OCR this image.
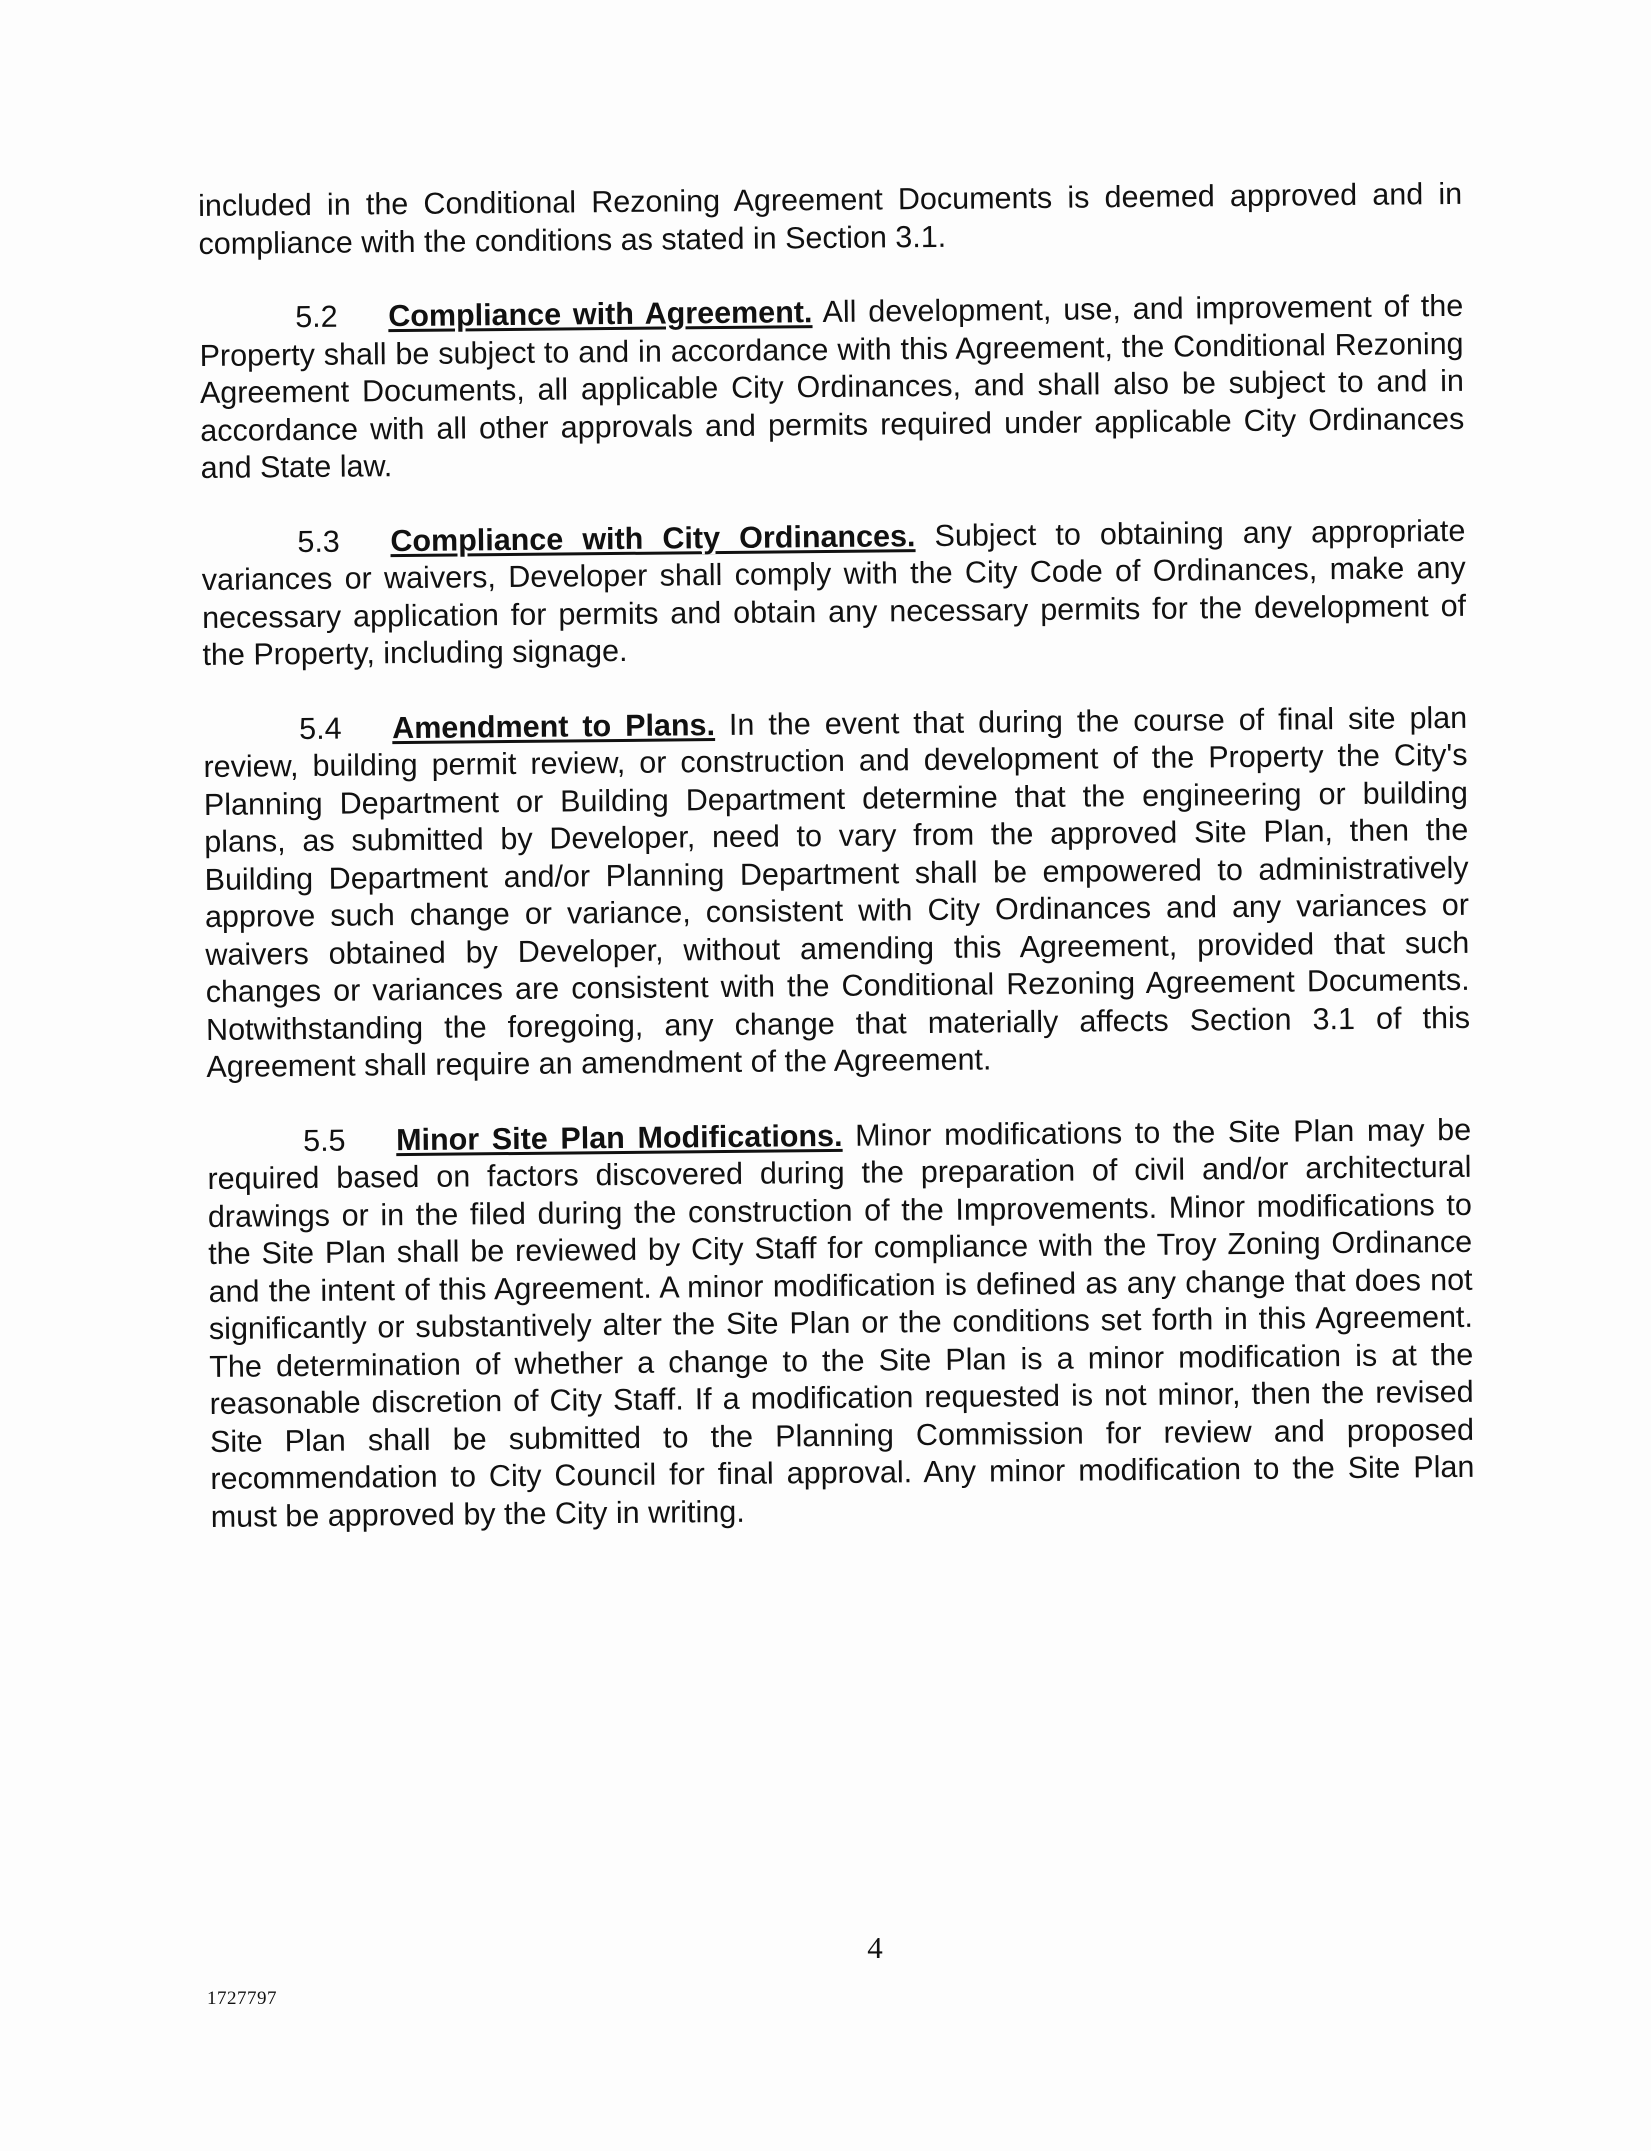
included in the Conditional Rezoning Agreement Documents is deemed approved and in compliance with the conditions as stated in Section 3.1.

5.2 Compliance with Agreement. All development, use, and improvement of the Property shall be subject to and in accordance with this Agreement, the Conditional Rezoning Agreement Documents, all applicable City Ordinances, and shall also be subject to and in accordance with all other approvals and permits required under applicable City Ordinances and State law.

5.3 Compliance with City Ordinances. Subject to obtaining any appropriate variances or waivers, Developer shall comply with the City Code of Ordinances, make any necessary application for permits and obtain any necessary permits for the development of the Property, including signage.

5.4 Amendment to Plans. In the event that during the course of final site plan review, building permit review, or construction and development of the Property the City's Planning Department or Building Department determine that the engineering or building plans, as submitted by Developer, need to vary from the approved Site Plan, then the Building Department and/or Planning Department shall be empowered to administratively approve such change or variance, consistent with City Ordinances and any variances or waivers obtained by Developer, without amending this Agreement, provided that such changes or variances are consistent with the Conditional Rezoning Agreement Documents. Notwithstanding the foregoing, any change that materially affects Section 3.1 of this Agreement shall require an amendment of the Agreement.

5.5 Minor Site Plan Modifications. Minor modifications to the Site Plan may be required based on factors discovered during the preparation of civil and/or architectural drawings or in the filed during the construction of the Improvements. Minor modifications to the Site Plan shall be reviewed by City Staff for compliance with the Troy Zoning Ordinance and the intent of this Agreement. A minor modification is defined as any change that does not significantly or substantively alter the Site Plan or the conditions set forth in this Agreement. The determination of whether a change to the Site Plan is a minor modification is at the reasonable discretion of City Staff. If a modification requested is not minor, then the revised Site Plan shall be submitted to the Planning Commission for review and proposed recommendation to City Council for final approval. Any minor modification to the Site Plan must be approved by the City in writing.

4
1727797
